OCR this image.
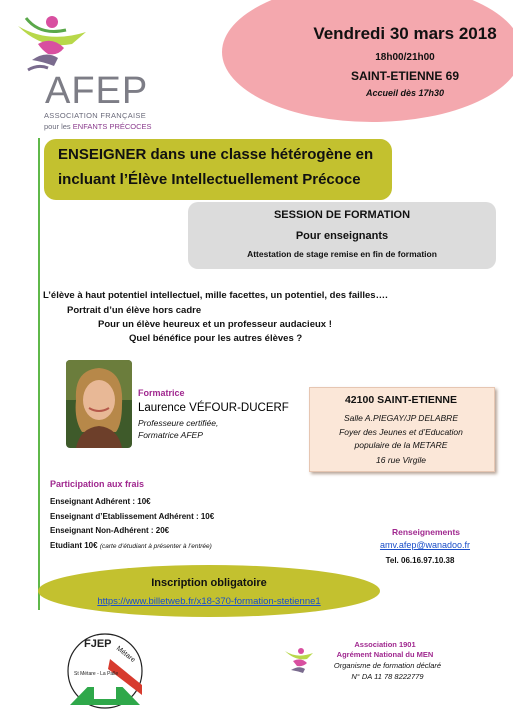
AFEP
ASSOCIATION FRANÇAISE
pour les ENFANTS PRÉCOCES
Vendredi 30 mars 2018
18h00/21h00
SAINT-ETIENNE 69
Accueil dès 17h30
ENSEIGNER dans une classe hétérogène en
incluant l’Élève Intellectuellement Précoce
SESSION DE FORMATION
Pour enseignants
Attestation de stage remise en fin de formation
L’élève à haut potentiel intellectuel, mille facettes, un potentiel, des failles….
Portrait d’un élève hors cadre
Pour un élève heureux et un professeur audacieux !
Quel bénéfice pour les autres élèves ?
Formatrice
Laurence VÉFOUR-DUCERF
Professeure certifiée,
Formatrice AFEP
42100 SAINT-ETIENNE
Salle A.PIEGAY/JP DELABRE
Foyer des Jeunes et d’Education
populaire de la METARE
16 rue Virgile
Participation aux frais
Enseignant Adhérent : 10€
Enseignant d’Etablissement Adhérent : 10€
Enseignant Non-Adhérent : 20€
Etudiant 10€ (carte d’étudiant à présenter à l’entrée)
Renseignements
amv.afep@wanadoo.fr
Tel. 06.16.97.10.38
Inscription obligatoire
https://www.billetweb.fr/x18-370-formation-stetienne1
FJEP
Métare
St Métare - La Palle
Association 1901
Agrément National du MEN
Organisme de formation déclaré
N° DA 11 78 8222779
